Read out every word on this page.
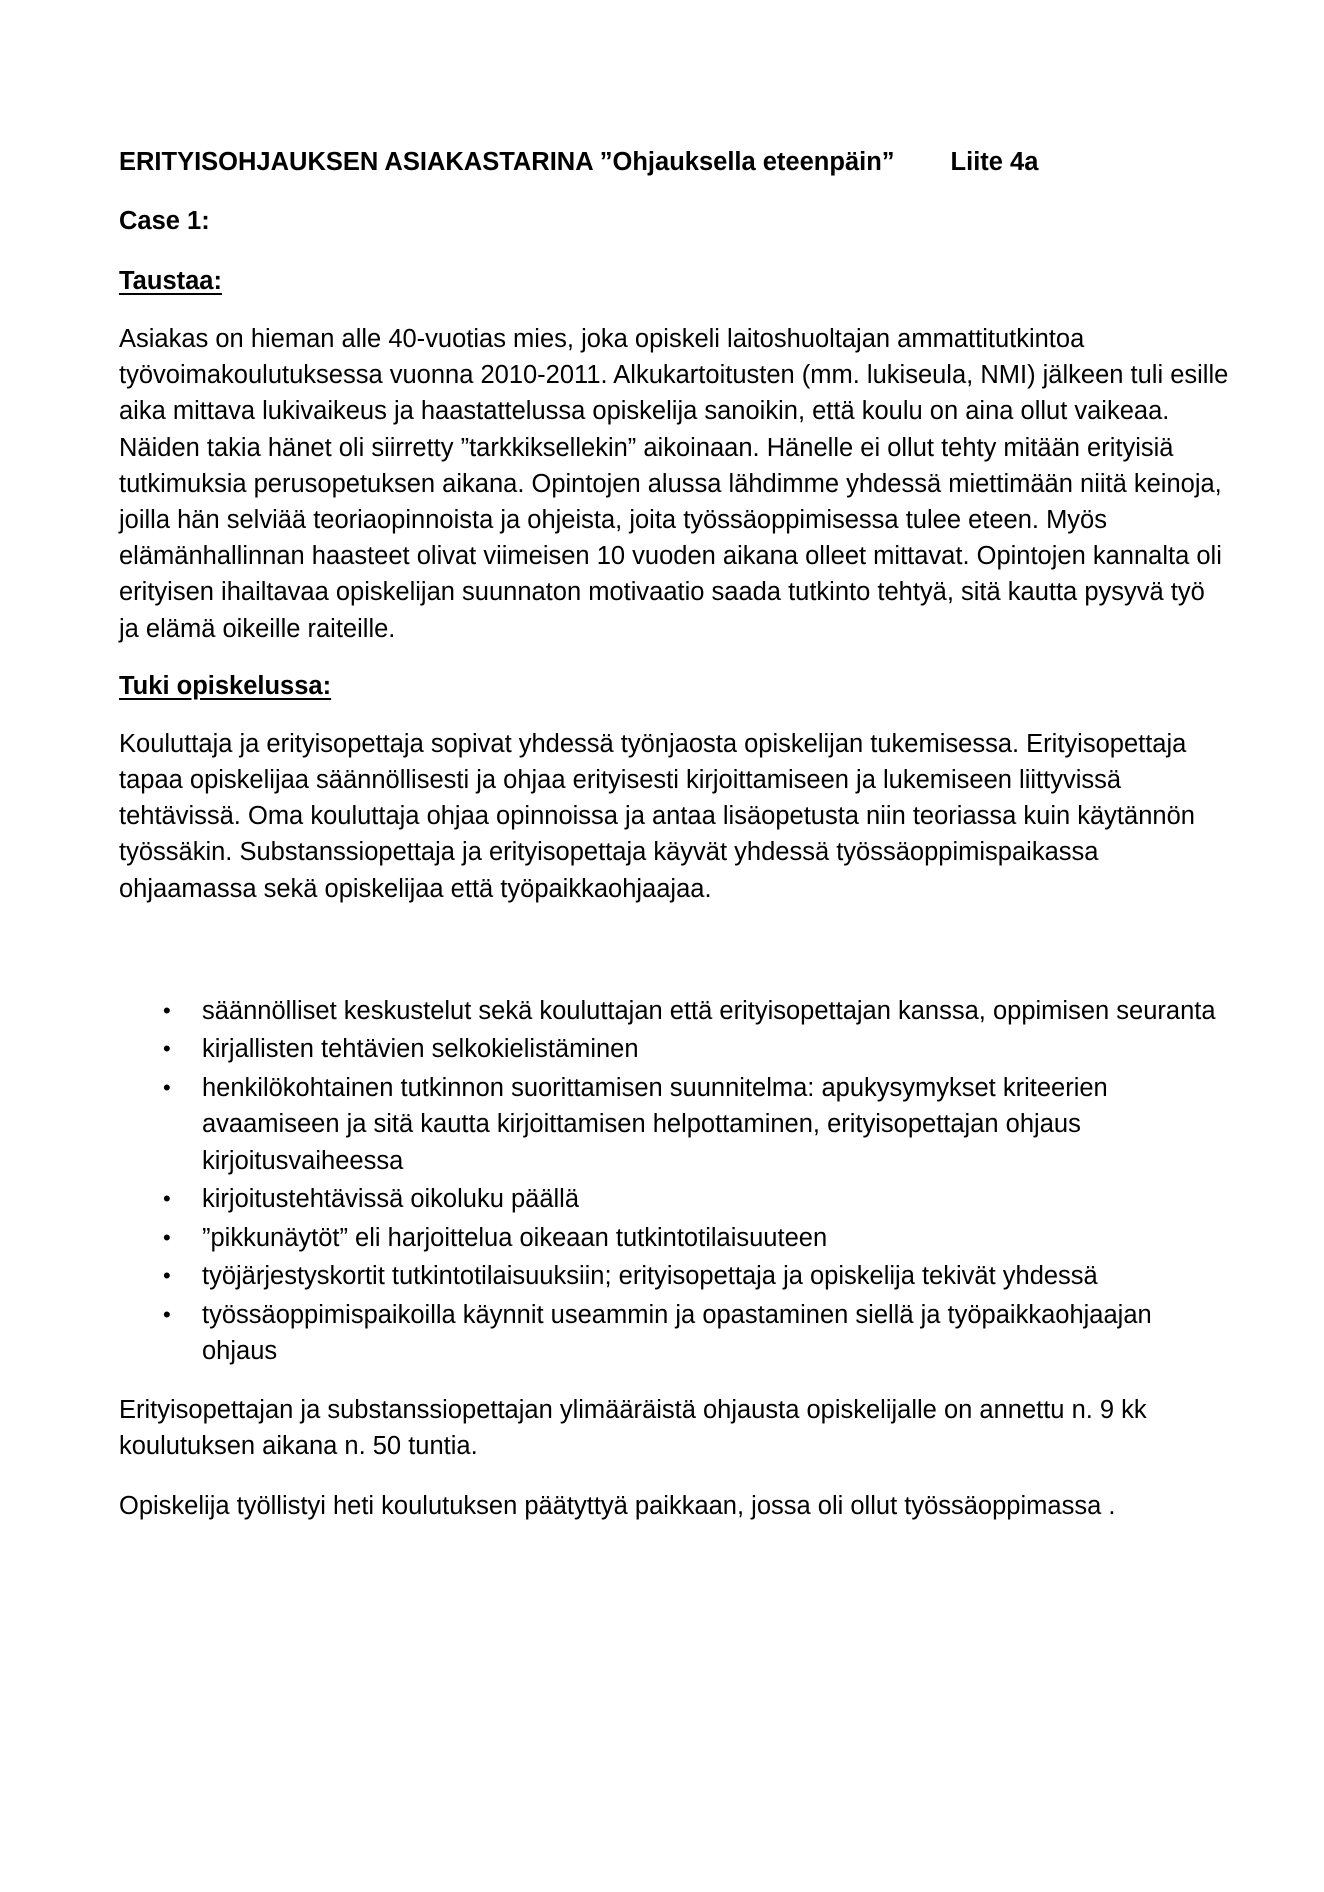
ERITYISOHJAUKSEN ASIAKASTARINA ”Ohjauksella eteenpäin” Liite 4a
Case 1:
Taustaa:

Asiakas on hieman alle 40-vuotias mies, joka opiskeli laitoshuoltajan ammattitutkintoa työvoimakoulutuksessa vuonna 2010-2011. Alkukartoitusten (mm. lukiseula, NMI) jälkeen tuli esille aika mittava lukivaikeus ja haastattelussa opiskelija sanoikin, että koulu on aina ollut vaikeaa. Näiden takia hänet oli siirretty ”tarkkiksellekin” aikoinaan. Hänelle ei ollut tehty mitään erityisiä tutkimuksia perusopetuksen aikana. Opintojen alussa lähdimme yhdessä miettimään niitä keinoja, joilla hän selviää teoriaopinnoista ja ohjeista, joita työssäoppimisessa tulee eteen. Myös elämänhallinnan haasteet olivat viimeisen 10 vuoden aikana olleet mittavat. Opintojen kannalta oli erityisen ihailtavaa opiskelijan suunnaton motivaatio saada tutkinto tehtyä, sitä kautta pysyvä työ ja elämä oikeille raiteille.

Tuki opiskelussa:

Kouluttaja ja erityisopettaja sopivat yhdessä työnjaosta opiskelijan tukemisessa. Erityisopettaja tapaa opiskelijaa säännöllisesti ja ohjaa erityisesti kirjoittamiseen ja lukemiseen liittyvissä tehtävissä. Oma kouluttaja ohjaa opinnoissa ja antaa lisäopetusta niin teoriassa kuin käytännön työssäkin. Substanssiopettaja ja erityisopettaja käyvät yhdessä työssäoppimispaikassa ohjaamassa sekä opiskelijaa että työpaikkaohjaajaa.

• säännölliset keskustelut sekä kouluttajan että erityisopettajan kanssa, oppimisen seuranta
• kirjallisten tehtävien selkokielistäminen
• henkilökohtainen tutkinnon suorittamisen suunnitelma: apukysymykset kriteerien avaamiseen ja sitä kautta kirjoittamisen helpottaminen, erityisopettajan ohjaus kirjoitusvaiheessa
• kirjoitustehtävissä oikoluku päällä
• ”pikkunäytöt” eli harjoittelua oikeaan tutkintotilaisuuteen
• työjärjestyskortit tutkintotilaisuuksiin; erityisopettaja ja opiskelija tekivät yhdessä
• työssäoppimispaikoilla käynnit useammin ja opastaminen siellä ja työpaikkaohjaajan ohjaus

Erityisopettajan ja substanssiopettajan ylimääräistä ohjausta opiskelijalle on annettu n. 9 kk koulutuksen aikana n. 50 tuntia.

Opiskelija työllistyi heti koulutuksen päätyttyä paikkaan, jossa oli ollut työssäoppimassa .
